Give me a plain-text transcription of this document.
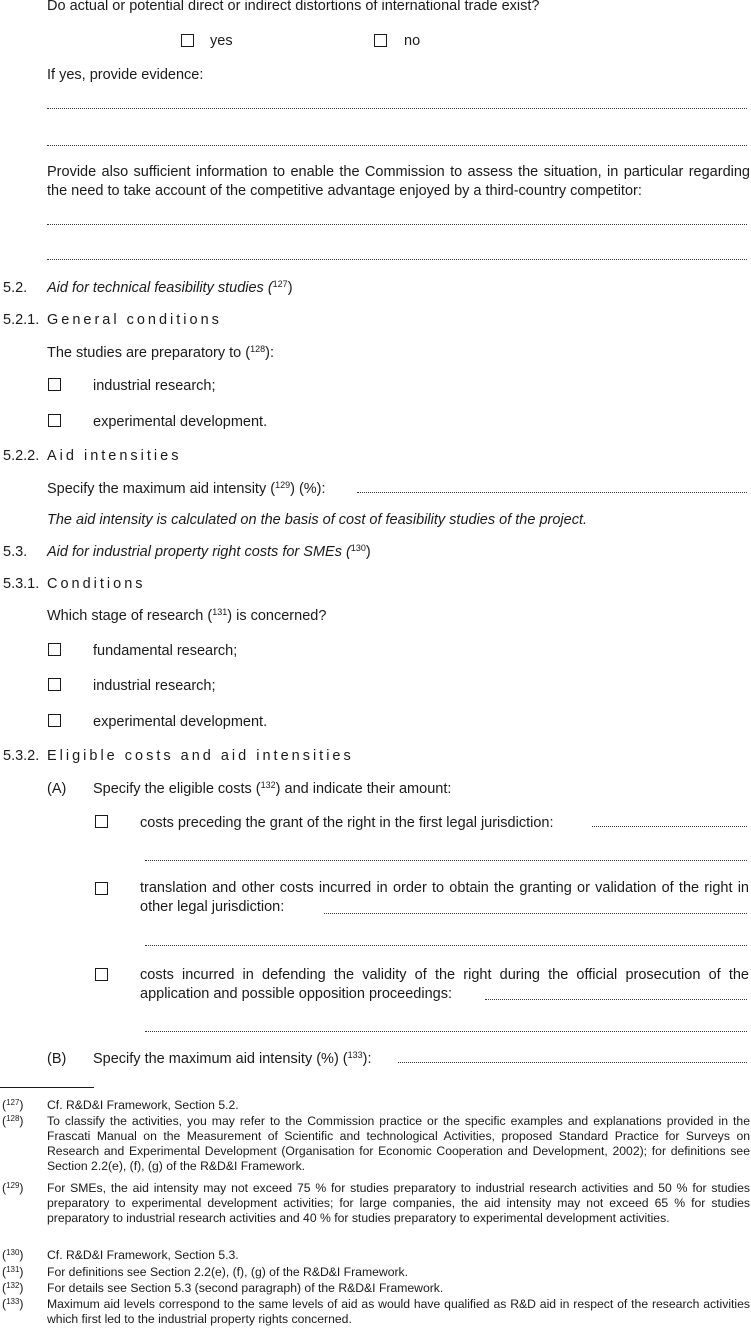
Do actual or potential direct or indirect distortions of international trade exist?
yes	no
If yes, provide evidence:
Provide also sufficient information to enable the Commission to assess the situation, in particular regarding the need to take account of the competitive advantage enjoyed by a third-country competitor:
5.2. Aid for technical feasibility studies ($^{127}$)
5.2.1. General conditions
The studies are preparatory to ($^{128}$):
industrial research;
experimental development.
5.2.2. Aid intensities
Specify the maximum aid intensity ($^{129}$) (%):
The aid intensity is calculated on the basis of cost of feasibility studies of the project.
5.3. Aid for industrial property right costs for SMEs ($^{130}$)
5.3.1. Conditions
Which stage of research ($^{131}$) is concerned?
fundamental research;
industrial research;
experimental development.
5.3.2. Eligible costs and aid intensities
(A) Specify the eligible costs ($^{132}$) and indicate their amount:
costs preceding the grant of the right in the first legal jurisdiction:
translation and other costs incurred in order to obtain the granting or validation of the right in other legal jurisdiction:
costs incurred in defending the validity of the right during the official prosecution of the application and possible opposition proceedings:
(B) Specify the maximum aid intensity (%) ($^{133}$):
($^{127}$) Cf. R&D&I Framework, Section 5.2.
($^{128}$) To classify the activities, you may refer to the Commission practice or the specific examples and explanations provided in the Frascati Manual on the Measurement of Scientific and technological Activities, proposed Standard Practice for Surveys on Research and Experimental Development (Organisation for Economic Cooperation and Development, 2002); for definitions see Section 2.2(e), (f), (g) of the R&D&I Framework.
($^{129}$) For SMEs, the aid intensity may not exceed 75 % for studies preparatory to industrial research activities and 50 % for studies preparatory to experimental development activities; for large companies, the aid intensity may not exceed 65 % for studies preparatory to industrial research activities and 40 % for studies preparatory to experimental development activities.
($^{130}$) Cf. R&D&I Framework, Section 5.3.
($^{131}$) For definitions see Section 2.2(e), (f), (g) of the R&D&I Framework.
($^{132}$) For details see Section 5.3 (second paragraph) of the R&D&I Framework.
($^{133}$) Maximum aid levels correspond to the same levels of aid as would have qualified as R&D aid in respect of the research activities which first led to the industrial property rights concerned.
